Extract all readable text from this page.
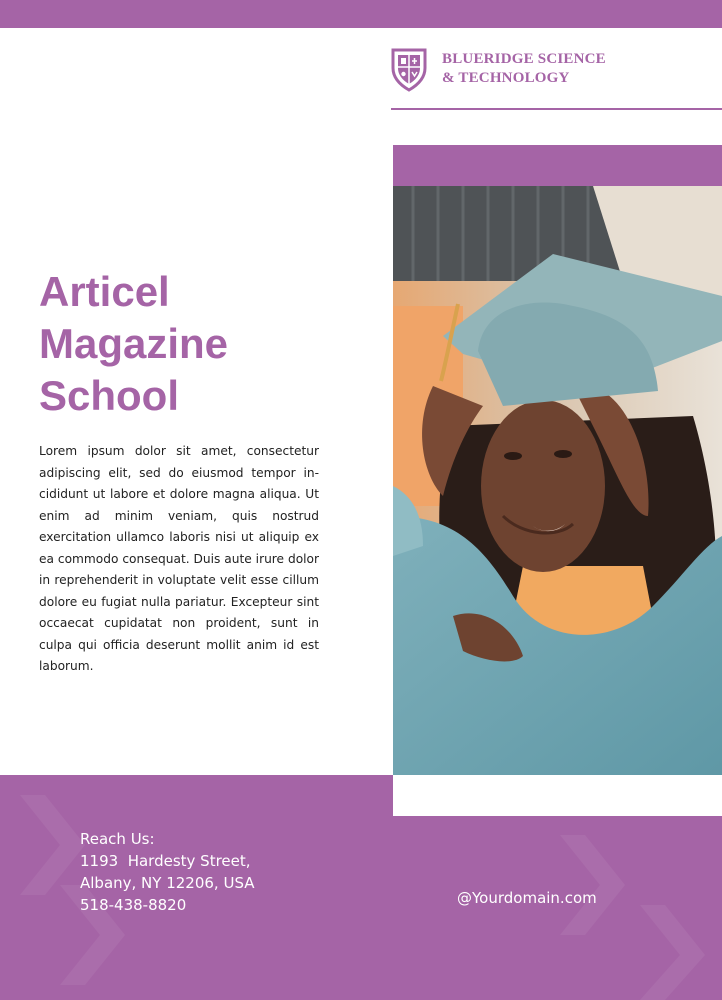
BLUERIDGE SCIENCE
& TECHNOLOGY
Articel
Magazine
School

Lorem ipsum dolor sit amet, consectetur adipiscing elit, sed do eiusmod tempor incididunt ut labore et dolore magna aliqua. Ut enim ad minim veniam, quis nostrud exercitation ullamco laboris nisi ut aliquip ex ea commodo consequat. Duis aute irure dolor in reprehenderit in voluptate velit esse cillum dolore eu fugiat nulla pariatur. Excepteur sint occaecat cupidatat non proident, sunt in culpa qui officia deserunt mollit anim id est laborum.

Reach Us:
1193  Hardesty Street,
Albany, NY 12206, USA
518-438-8820	@Yourdomain.com
